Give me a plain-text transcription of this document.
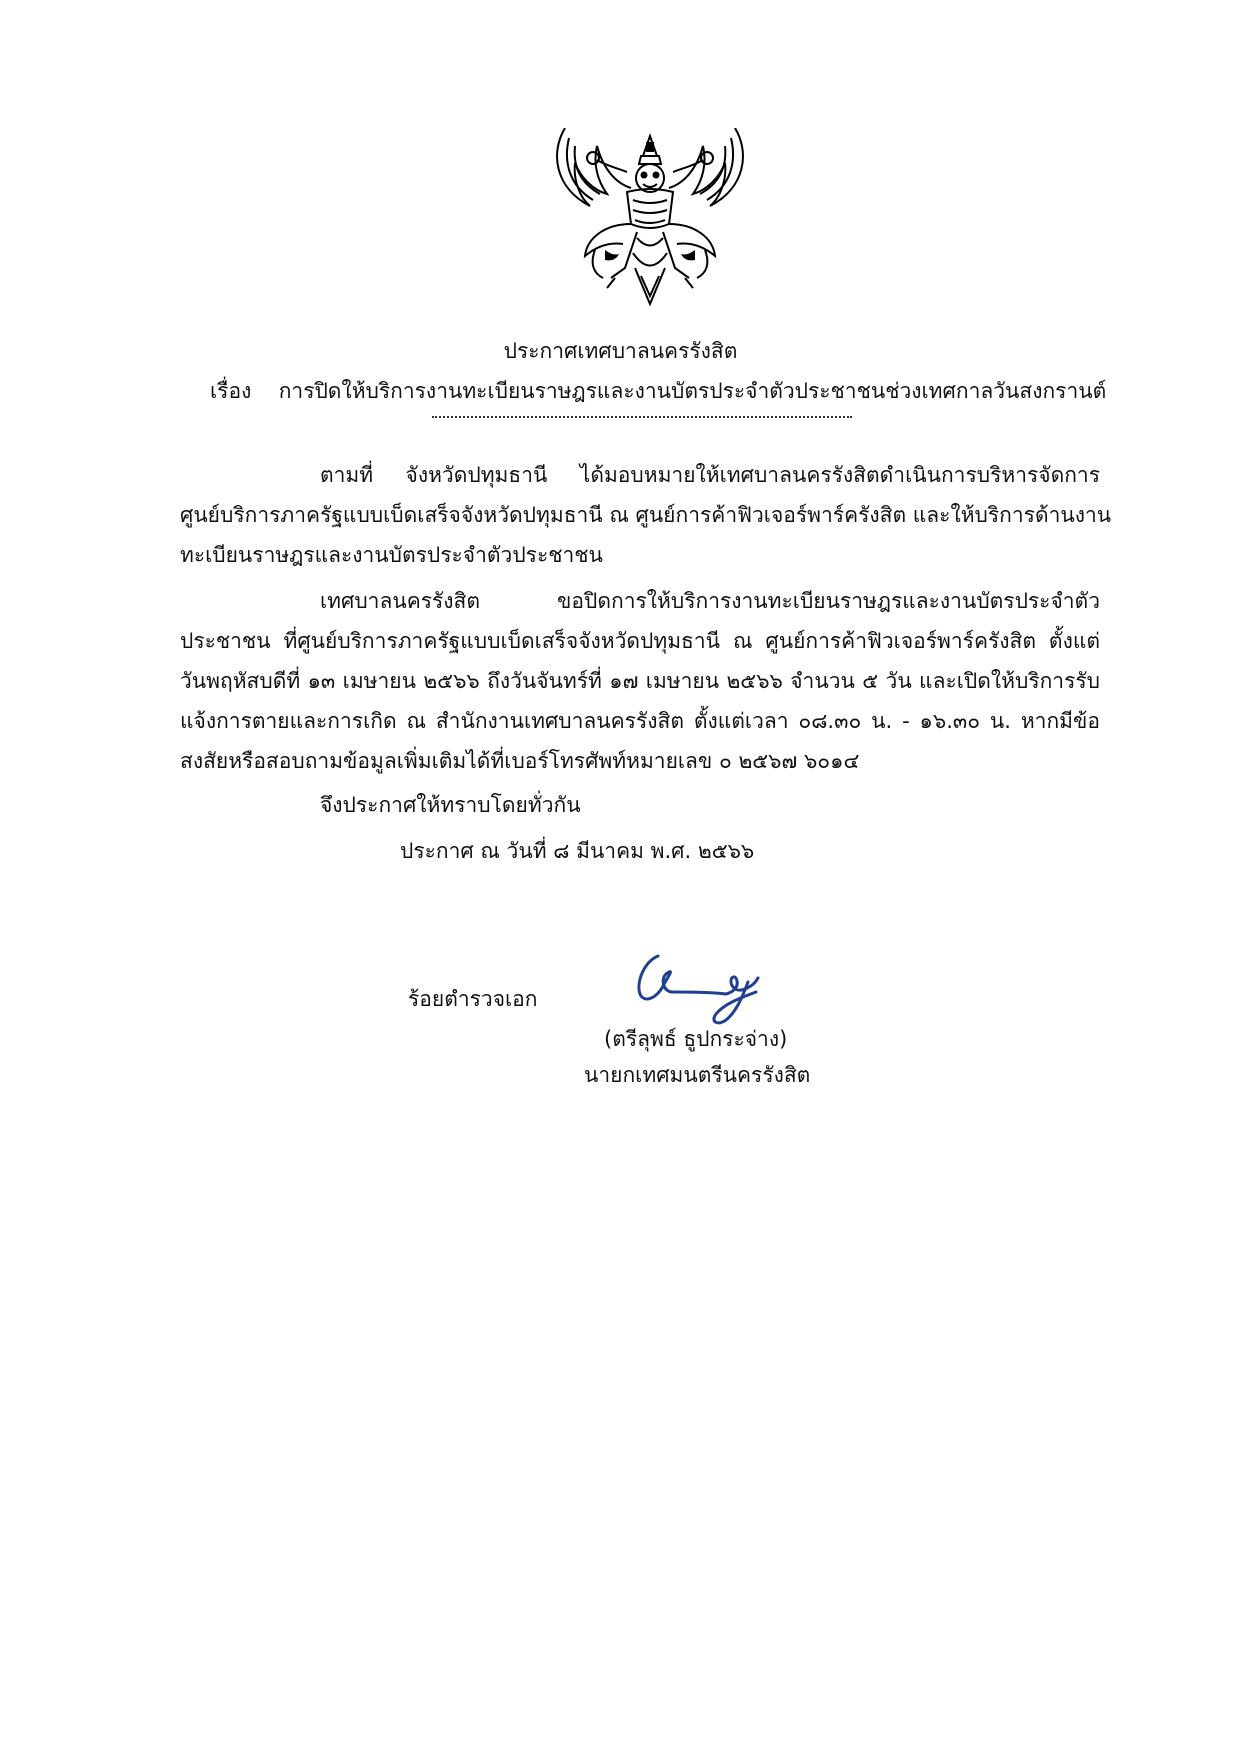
ประกาศเทศบาลนครรังสิต
เรื่อง การปิดให้บริการงานทะเบียนราษฎรและงานบัตรประจำตัวประชาชนช่วงเทศกาลวันสงกรานต์
ตามที่ จังหวัดปทุมธานี ได้มอบหมายให้เทศบาลนครรังสิตดำเนินการบริหารจัดการ
ศูนย์บริการภาครัฐแบบเบ็ดเสร็จจังหวัดปทุมธานี ณ ศูนย์การค้าฟิวเจอร์พาร์ครังสิต และให้บริการด้านงาน
ทะเบียนราษฎรและงานบัตรประจำตัวประชาชน
เทศบาลนครรังสิต ขอปิดการให้บริการงานทะเบียนราษฎรและงานบัตรประจำตัว
ประชาชน ที่ศูนย์บริการภาครัฐแบบเบ็ดเสร็จจังหวัดปทุมธานี ณ ศูนย์การค้าฟิวเจอร์พาร์ครังสิต ตั้งแต่
วันพฤหัสบดีที่ ๑๓ เมษายน ๒๕๖๖ ถึงวันจันทร์ที่ ๑๗ เมษายน ๒๕๖๖ จำนวน ๕ วัน และเปิดให้บริการรับ
แจ้งการตายและการเกิด ณ สำนักงานเทศบาลนครรังสิต ตั้งแต่เวลา ๐๘.๓๐ น. - ๑๖.๓๐ น. หากมีข้อ
สงสัยหรือสอบถามข้อมูลเพิ่มเติมได้ที่เบอร์โทรศัพท์หมายเลข ๐ ๒๕๖๗ ๖๐๑๔
จึงประกาศให้ทราบโดยทั่วกัน
ประกาศ ณ วันที่ ๘ มีนาคม พ.ศ. ๒๕๖๖
ร้อยตำรวจเอก
(ตรีลุพธ์ ธูปกระจ่าง)
นายกเทศมนตรีนครรังสิต
